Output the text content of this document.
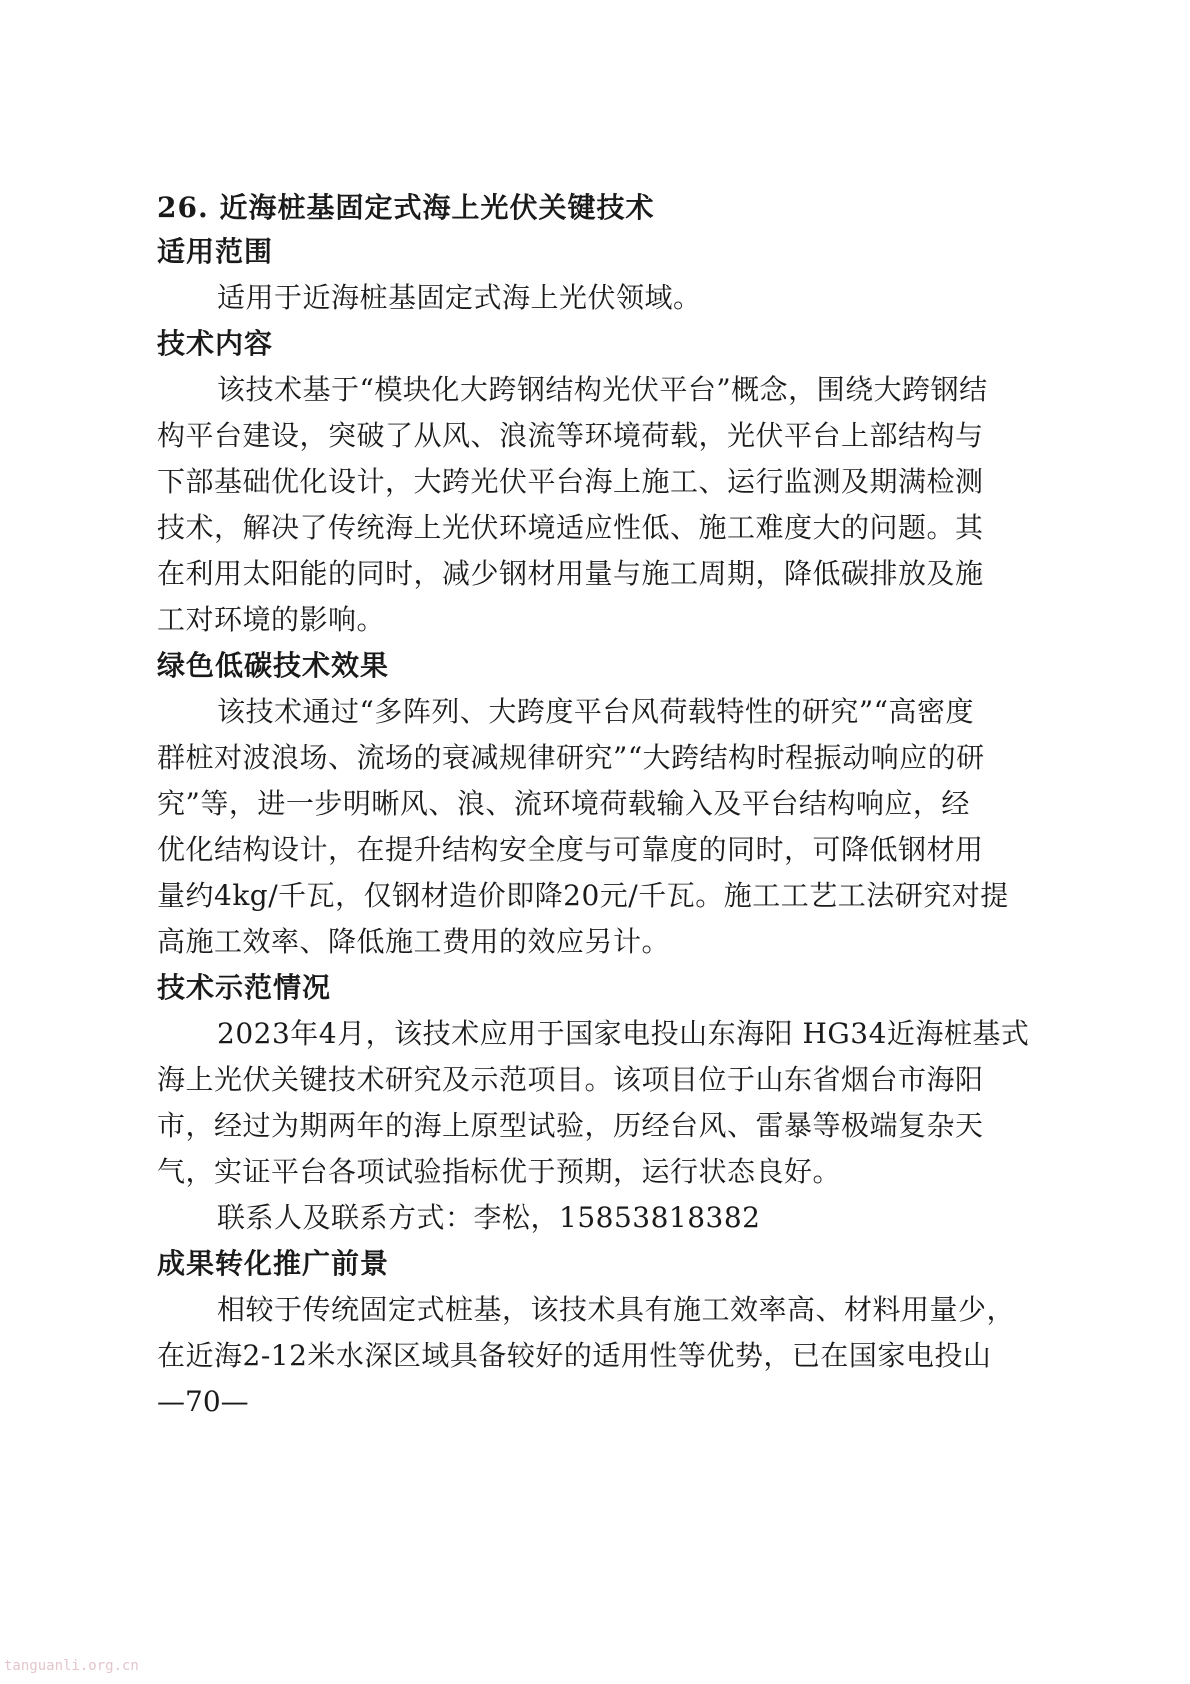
26. 近海桩基固定式海上光伏关键技术
适用范围
适用于近海桩基固定式海上光伏领域。
技术内容
该技术基于“模块化大跨钢结构光伏平台”概念，围绕大跨钢结
构平台建设，突破了从风、浪流等环境荷载，光伏平台上部结构与
下部基础优化设计，大跨光伏平台海上施工、运行监测及期满检测
技术，解决了传统海上光伏环境适应性低、施工难度大的问题。其
在利用太阳能的同时，减少钢材用量与施工周期，降低碳排放及施
工对环境的影响。
绿色低碳技术效果
该技术通过“多阵列、大跨度平台风荷载特性的研究”“高密度
群桩对波浪场、流场的衰减规律研究”“大跨结构时程振动响应的研
究”等，进一步明晰风、浪、流环境荷载输入及平台结构响应，经
优化结构设计，在提升结构安全度与可靠度的同时，可降低钢材用
量约4kg/千瓦，仅钢材造价即降20元/千瓦。施工工艺工法研究对提
高施工效率、降低施工费用的效应另计。
技术示范情况
2023年4月，该技术应用于国家电投山东海阳 HG34近海桩基式
海上光伏关键技术研究及示范项目。该项目位于山东省烟台市海阳
市，经过为期两年的海上原型试验，历经台风、雷暴等极端复杂天
气，实证平台各项试验指标优于预期，运行状态良好。
联系人及联系方式：李松，15853818382
成果转化推广前景
相较于传统固定式桩基，该技术具有施工效率高、材料用量少，
在近海2-12米水深区域具备较好的适用性等优势，已在国家电投山
—70—
tanguanli.org.cn
